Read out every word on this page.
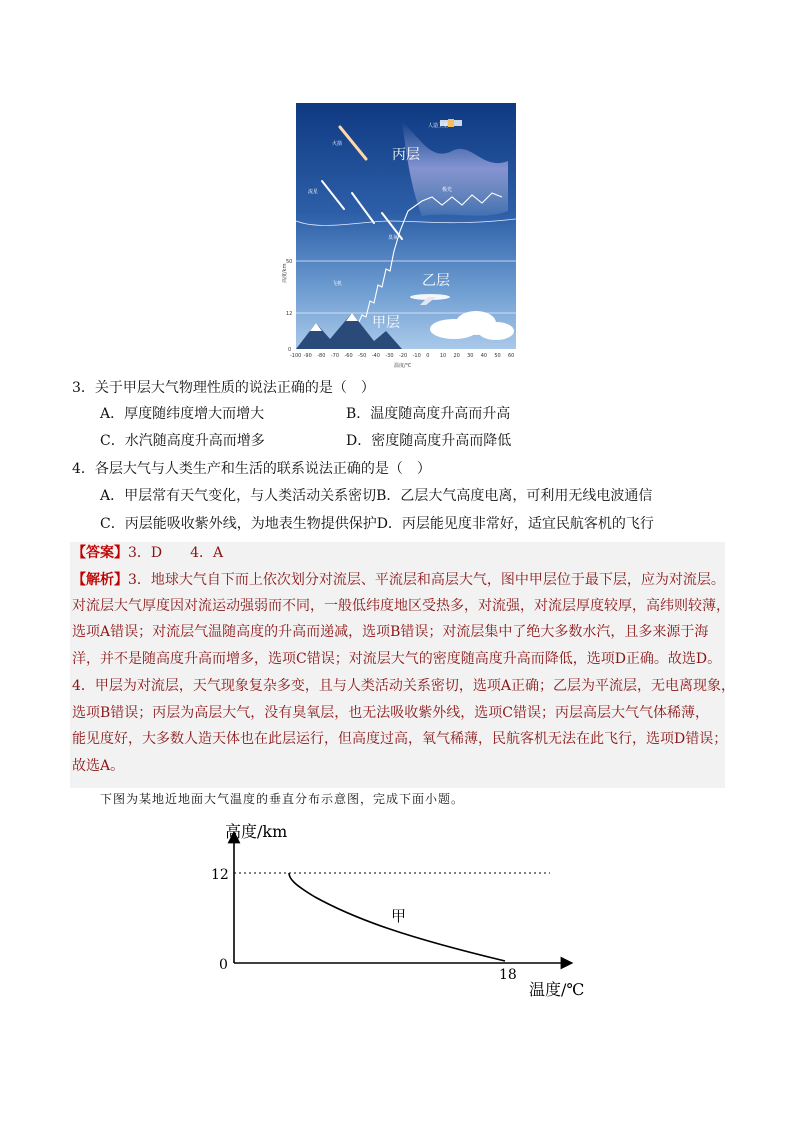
丙层
乙层
甲层
人造卫星
火箭
流星	极光
臭氧
飞机
高度/km
50
12
0
-100 -90 -80 -70 -60 -50 -40 -30 -20 -10 0 10 20 30 40 50 60
温度/℃
3．关于甲层大气物理性质的说法正确的是（　）
A．厚度随纬度增大而增大	B．温度随高度升高而升高
C．水汽随高度升高而增多	D．密度随高度升高而降低
4．各层大气与人类生产和生活的联系说法正确的是（　）
A．甲层常有天气变化，与人类活动关系密切B．乙层大气高度电离，可利用无线电波通信
C．丙层能吸收紫外线，为地表生物提供保护D．丙层能见度非常好，适宜民航客机的飞行
【答案】3．D　　4．A
【解析】3．地球大气自下而上依次划分对流层、平流层和高层大气，图中甲层位于最下层，应为对流层。
对流层大气厚度因对流运动强弱而不同，一般低纬度地区受热多，对流强，对流层厚度较厚，高纬则较薄，
选项A错误；对流层气温随高度的升高而递减，选项B错误；对流层集中了绝大多数水汽，且多来源于海
洋，并不是随高度升高而增多，选项C错误；对流层大气的密度随高度升高而降低，选项D正确。故选D。
4．甲层为对流层，天气现象复杂多变，且与人类活动关系密切，选项A正确；乙层为平流层，无电离现象，
选项B错误；丙层为高层大气，没有臭氧层，也无法吸收紫外线，选项C错误；丙层高层大气气体稀薄，
能见度好，大多数人造天体也在此层运行，但高度过高，氧气稀薄，民航客机无法在此飞行，选项D错误；
故选A。
下图为某地近地面大气温度的垂直分布示意图，完成下面小题。
高度/km
12
0
18
温度/℃
甲
